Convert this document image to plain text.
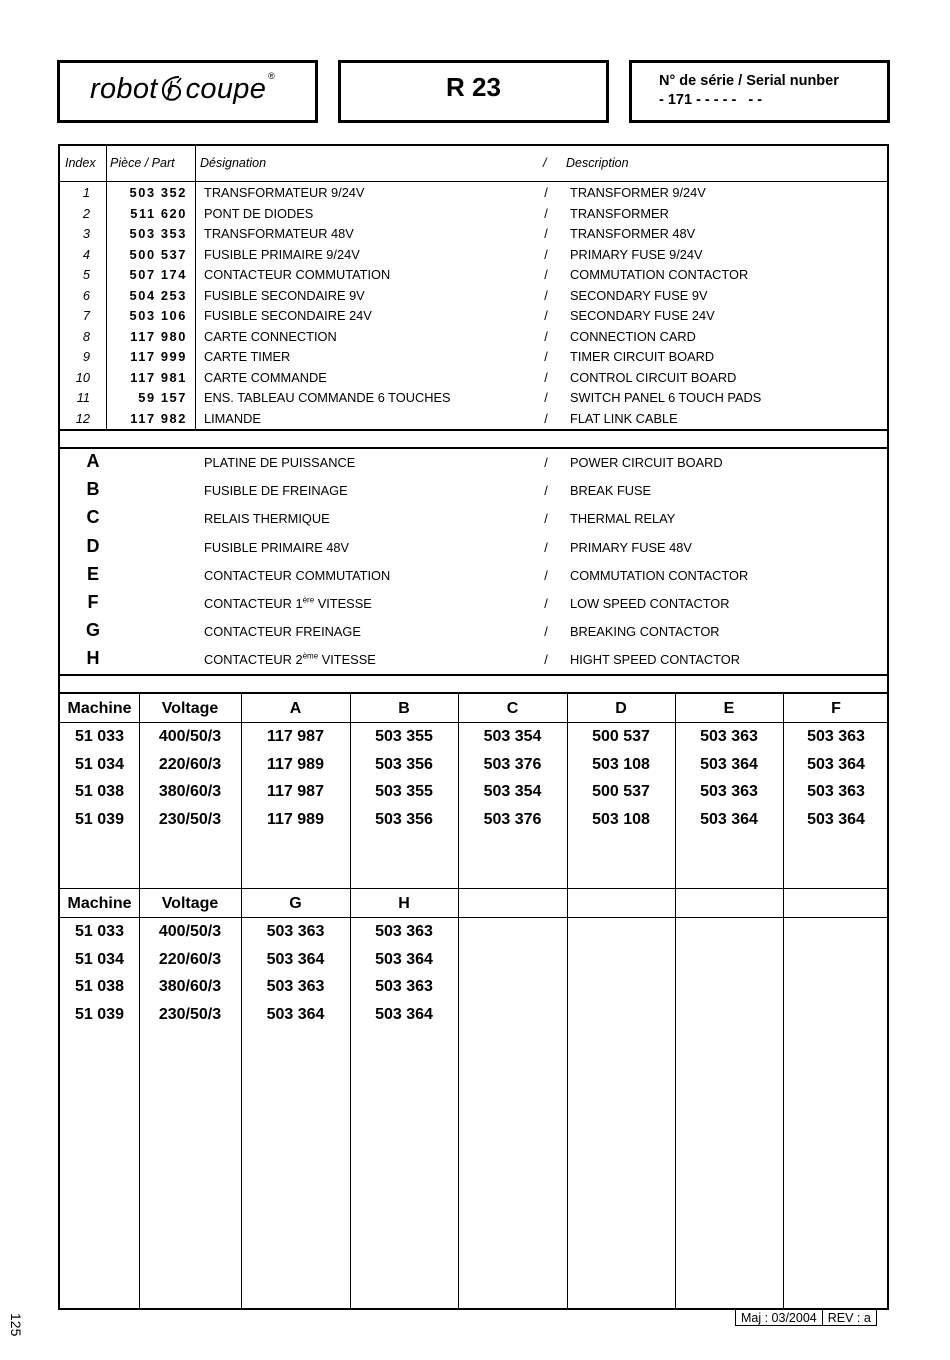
robot coupe ®	R 23	N° de série / Serial nunber
- 171 - - - - -   - -
Index Pièce / Part Désignation	/ Description
1	503 352 TRANSFORMATEUR 9/24V	/ TRANSFORMER 9/24V
2	511 620 PONT DE DIODES	/ TRANSFORMER
3	503 353 TRANSFORMATEUR 48V	/ TRANSFORMER 48V
4	500 537 FUSIBLE PRIMAIRE 9/24V	/ PRIMARY FUSE 9/24V
5	507 174 CONTACTEUR COMMUTATION	/ COMMUTATION CONTACTOR
6	504 253 FUSIBLE SECONDAIRE 9V	/ SECONDARY FUSE 9V
7	503 106 FUSIBLE SECONDAIRE 24V	/ SECONDARY FUSE 24V
8	117 980 CARTE CONNECTION	/ CONNECTION CARD
9	117 999 CARTE TIMER	/ TIMER CIRCUIT BOARD
10	117 981 CARTE COMMANDE	/ CONTROL CIRCUIT BOARD
11	59 157 ENS. TABLEAU COMMANDE 6 TOUCHES	/ SWITCH PANEL 6 TOUCH PADS
12	117 982 LIMANDE	/ FLAT LINK CABLE
A	PLATINE DE PUISSANCE	/ POWER CIRCUIT BOARD
B	FUSIBLE DE FREINAGE	/ BREAK FUSE
C	RELAIS THERMIQUE	/ THERMAL RELAY
D	FUSIBLE PRIMAIRE 48V	/ PRIMARY FUSE 48V
E	CONTACTEUR COMMUTATION	/ COMMUTATION CONTACTOR
F	CONTACTEUR 1ère VITESSE	/ LOW SPEED CONTACTOR
G	CONTACTEUR FREINAGE	/ BREAKING CONTACTOR
H	CONTACTEUR 2ème VITESSE	/ HIGHT SPEED CONTACTOR
Machine	Voltage	A	B	C	D	E	F
51 033	400/50/3	117 987	503 355	503 354	500 537	503 363	503 363
51 034	220/60/3	117 989	503 356	503 376	503 108	503 364	503 364
51 038	380/60/3	117 987	503 355	503 354	500 537	503 363	503 363
51 039	230/50/3	117 989	503 356	503 376	503 108	503 364	503 364
Machine	Voltage	G	H
51 033	400/50/3	503 363	503 363
51 034	220/60/3	503 364	503 364
51 038	380/60/3	503 363	503 363
51 039	230/50/3	503 364	503 364
Maj : 03/2004 REV : a
125
